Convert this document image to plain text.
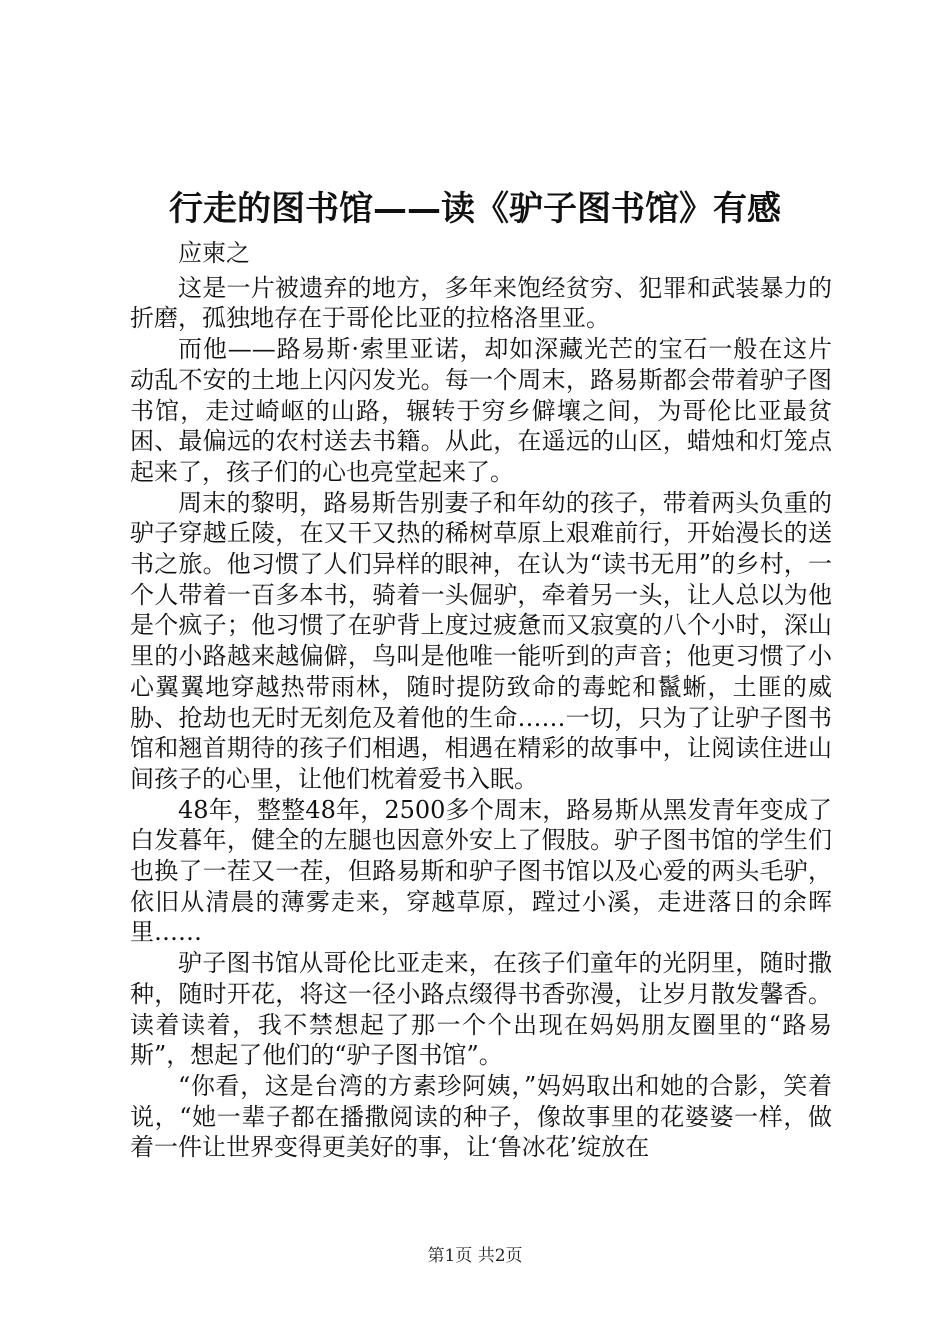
行走的图书馆——读《驴子图书馆》有感

应柬之

这是一片被遗弃的地方，多年来饱经贫穷、犯罪和武装暴力的折磨，孤独地存在于哥伦比亚的拉格洛里亚。

而他——路易斯·索里亚诺，却如深藏光芒的宝石一般在这片动乱不安的土地上闪闪发光。每一个周末，路易斯都会带着驴子图书馆，走过崎岖的山路，辗转于穷乡僻壤之间，为哥伦比亚最贫困、最偏远的农村送去书籍。从此，在遥远的山区，蜡烛和灯笼点起来了，孩子们的心也亮堂起来了。

周末的黎明，路易斯告别妻子和年幼的孩子，带着两头负重的驴子穿越丘陵，在又干又热的稀树草原上艰难前行，开始漫长的送书之旅。他习惯了人们异样的眼神，在认为“读书无用”的乡村，一个人带着一百多本书，骑着一头倔驴，牵着另一头，让人总以为他是个疯子；他习惯了在驴背上度过疲惫而又寂寞的八个小时，深山里的小路越来越偏僻，鸟叫是他唯一能听到的声音；他更习惯了小心翼翼地穿越热带雨林，随时提防致命的毒蛇和鬣蜥，土匪的威胁、抢劫也无时无刻危及着他的生命……一切，只为了让驴子图书馆和翘首期待的孩子们相遇，相遇在精彩的故事中，让阅读住进山间孩子的心里，让他们枕着爱书入眠。

48年，整整48年，2500多个周末，路易斯从黑发青年变成了白发暮年，健全的左腿也因意外安上了假肢。驴子图书馆的学生们也换了一茬又一茬，但路易斯和驴子图书馆以及心爱的两头毛驴，依旧从清晨的薄雾走来，穿越草原，蹚过小溪，走进落日的余晖里……

驴子图书馆从哥伦比亚走来，在孩子们童年的光阴里，随时撒种，随时开花，将这一径小路点缀得书香弥漫，让岁月散发馨香。读着读着，我不禁想起了那一个个出现在妈妈朋友圈里的“路易斯”，想起了他们的“驴子图书馆”。

“你看，这是台湾的方素珍阿姨，”妈妈取出和她的合影，笑着说，“她一辈子都在播撒阅读的种子，像故事里的花婆婆一样，做着一件让世界变得更美好的事，让‘鲁冰花’绽放在

第1页 共2页
